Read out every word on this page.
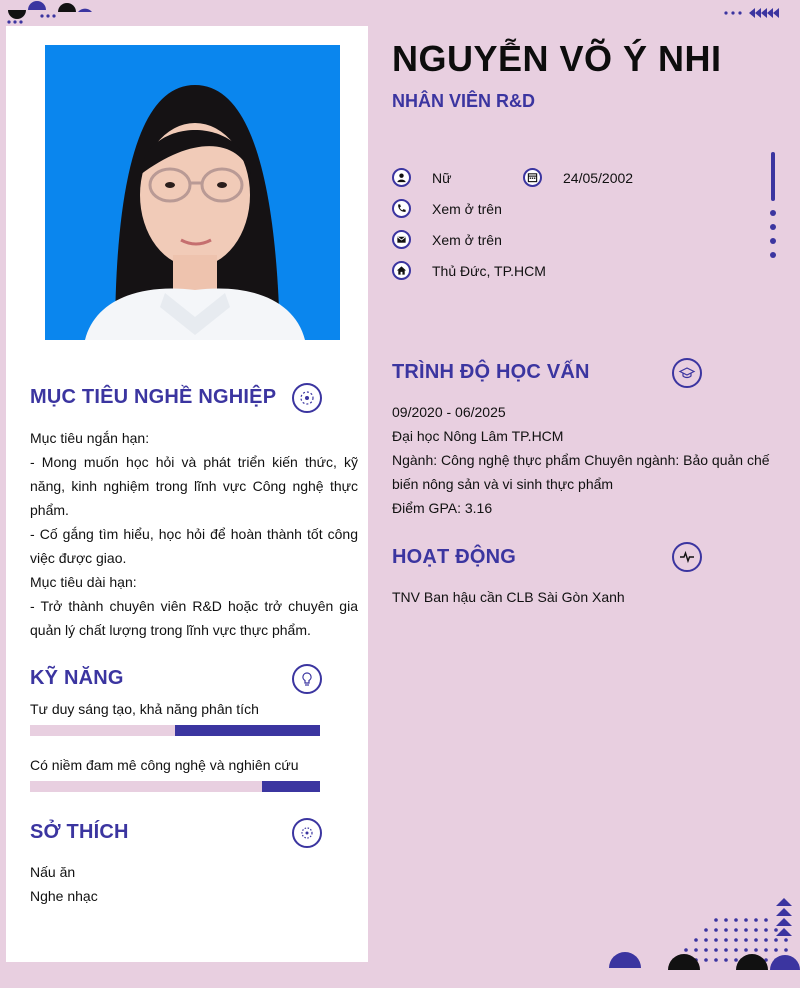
MỤC TIÊU NGHỀ NGHIỆP
Mục tiêu ngắn hạn:
- Mong muốn học hỏi và phát triển kiến thức, kỹ năng, kinh nghiệm trong lĩnh vực Công nghệ thực phẩm.
- Cố gắng tìm hiểu, học hỏi để hoàn thành tốt công việc được giao.
Mục tiêu dài hạn:
- Trở thành chuyên viên R&D hoặc trở chuyên gia quản lý chất lượng trong lĩnh vực thực phẩm.
KỸ NĂNG
Tư duy sáng tạo, khả năng phân tích
Có niềm đam mê công nghệ và nghiên cứu
SỞ THÍCH
Nấu ăn
Nghe nhạc
NGUYỄN VÕ Ý NHI
NHÂN VIÊN R&D
Nữ	24/05/2002
Xem ở trên
Xem ở trên
Thủ Đức, TP.HCM
TRÌNH ĐỘ HỌC VẤN
09/2020 - 06/2025
Đại học Nông Lâm TP.HCM
Ngành: Công nghệ thực phẩm Chuyên ngành: Bảo quản chế biến nông sản và vi sinh thực phẩm
Điểm GPA: 3.16
HOẠT ĐỘNG
TNV Ban hậu cần CLB Sài Gòn Xanh
